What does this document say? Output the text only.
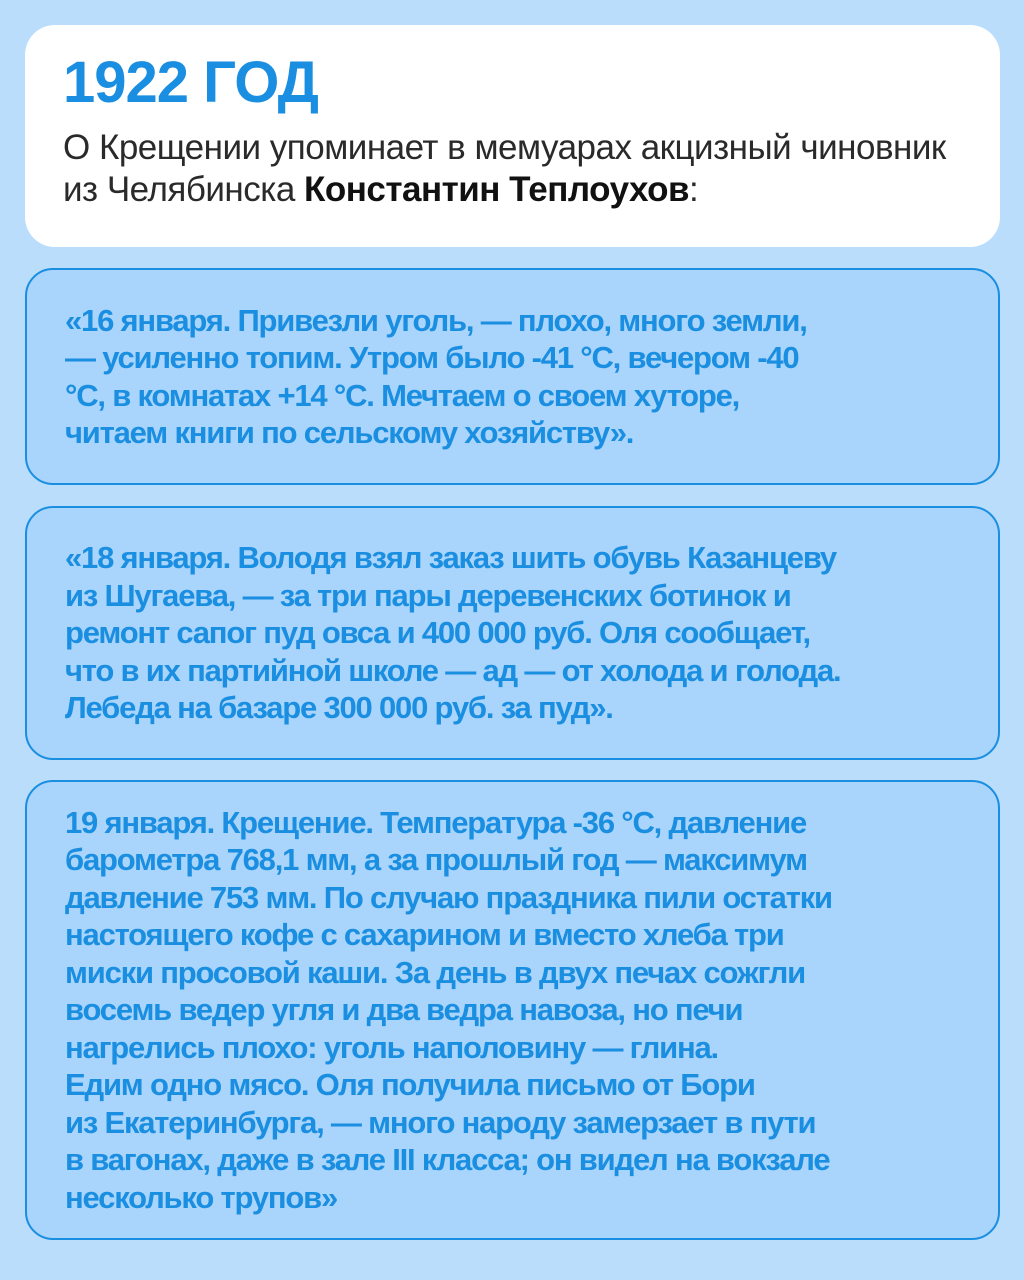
1922 ГОД
О Крещении упоминает в мемуарах акцизный чиновник из Челябинска Константин Теплоухов:
«16 января. Привезли уголь, — плохо, много земли,
— усиленно топим. Утром было -41 °С, вечером -40
°С, в комнатах +14 °С. Мечтаем о своем хуторе,
читаем книги по сельскому хозяйству».
«18 января. Володя взял заказ шить обувь Казанцеву
из Шугаева, — за три пары деревенских ботинок и
ремонт сапог пуд овса и 400 000 руб. Оля сообщает,
что в их партийной школе — ад — от холода и голода.
Лебеда на базаре 300 000 руб. за пуд».
19 января. Крещение. Температура -36 °С, давление
барометра 768,1 мм, а за прошлый год — максимум
давление 753 мм. По случаю праздника пили остатки
настоящего кофе с сахарином и вместо хлеба три
миски просовой каши. За день в двух печах сожгли
восемь ведер угля и два ведра навоза, но печи
нагрелись плохо: уголь наполовину — глина.
Едим одно мясо. Оля получила письмо от Бори
из Екатеринбурга, — много народу замерзает в пути
в вагонах, даже в зале III класса; он видел на вокзале
несколько трупов»
